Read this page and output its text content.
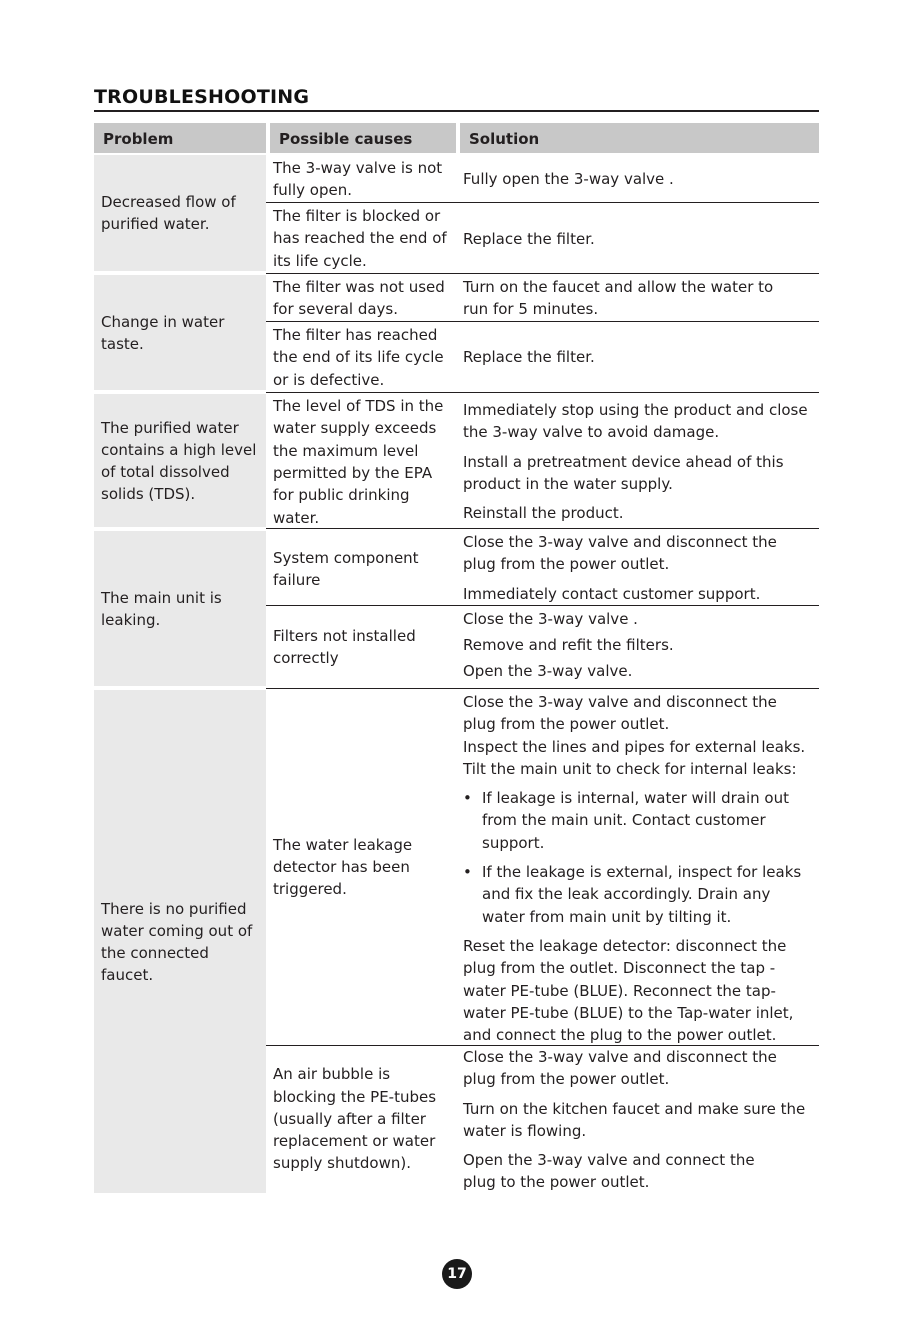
TROUBLESHOOTING
Problem	Possible causes	Solution
Decreased flow of purified water.
The 3-way valve is not fully open.

Fully open the 3-way valve .

The filter is blocked or has reached the end of its life cycle.

Replace the filter.

Change in water taste.
The filter was not used for several days.

Turn on the faucet and allow the water to run for 5 minutes.

The filter has reached the end of its life cycle or is defective.

Replace the filter.

The purified water contains a high level of total dissolved solids (TDS).
The level of TDS in the water supply exceeds the maximum level permitted by the EPA for public drinking water.

Immediately stop using the product and close the 3-way valve to avoid damage.

Install a pretreatment device ahead of this product in the water supply.

Reinstall the product.

The main unit is leaking.
System component failure

Close the 3-way valve and disconnect the plug from the power outlet.

Immediately contact customer support.

Filters not installed correctly

Close the 3-way valve .

Remove and refit the filters.

Open the 3-way valve.

There is no purified water coming out of the connected faucet.
The water leakage detector has been triggered.

Close the 3-way valve and disconnect the plug from the power outlet.

Inspect the lines and pipes for external leaks.

Tilt the main unit to check for internal leaks:

• If leakage is internal, water will drain out from the main unit. Contact customer support.
• If the leakage is external, inspect for leaks and fix the leak accordingly. Drain any water from main unit by tilting it.

Reset the leakage detector: disconnect the plug from the outlet. Disconnect the tap - water PE-tube (BLUE). Reconnect the tap-water PE-tube (BLUE) to the Tap-water inlet, and connect the plug to the power outlet.

An air bubble is blocking the PE-tubes (usually after a filter replacement or water supply shutdown).

Close the 3-way valve and disconnect the plug from the power outlet.

Turn on the kitchen faucet and make sure the water is flowing.

Open the 3-way valve and connect the plug to the power outlet.

17
